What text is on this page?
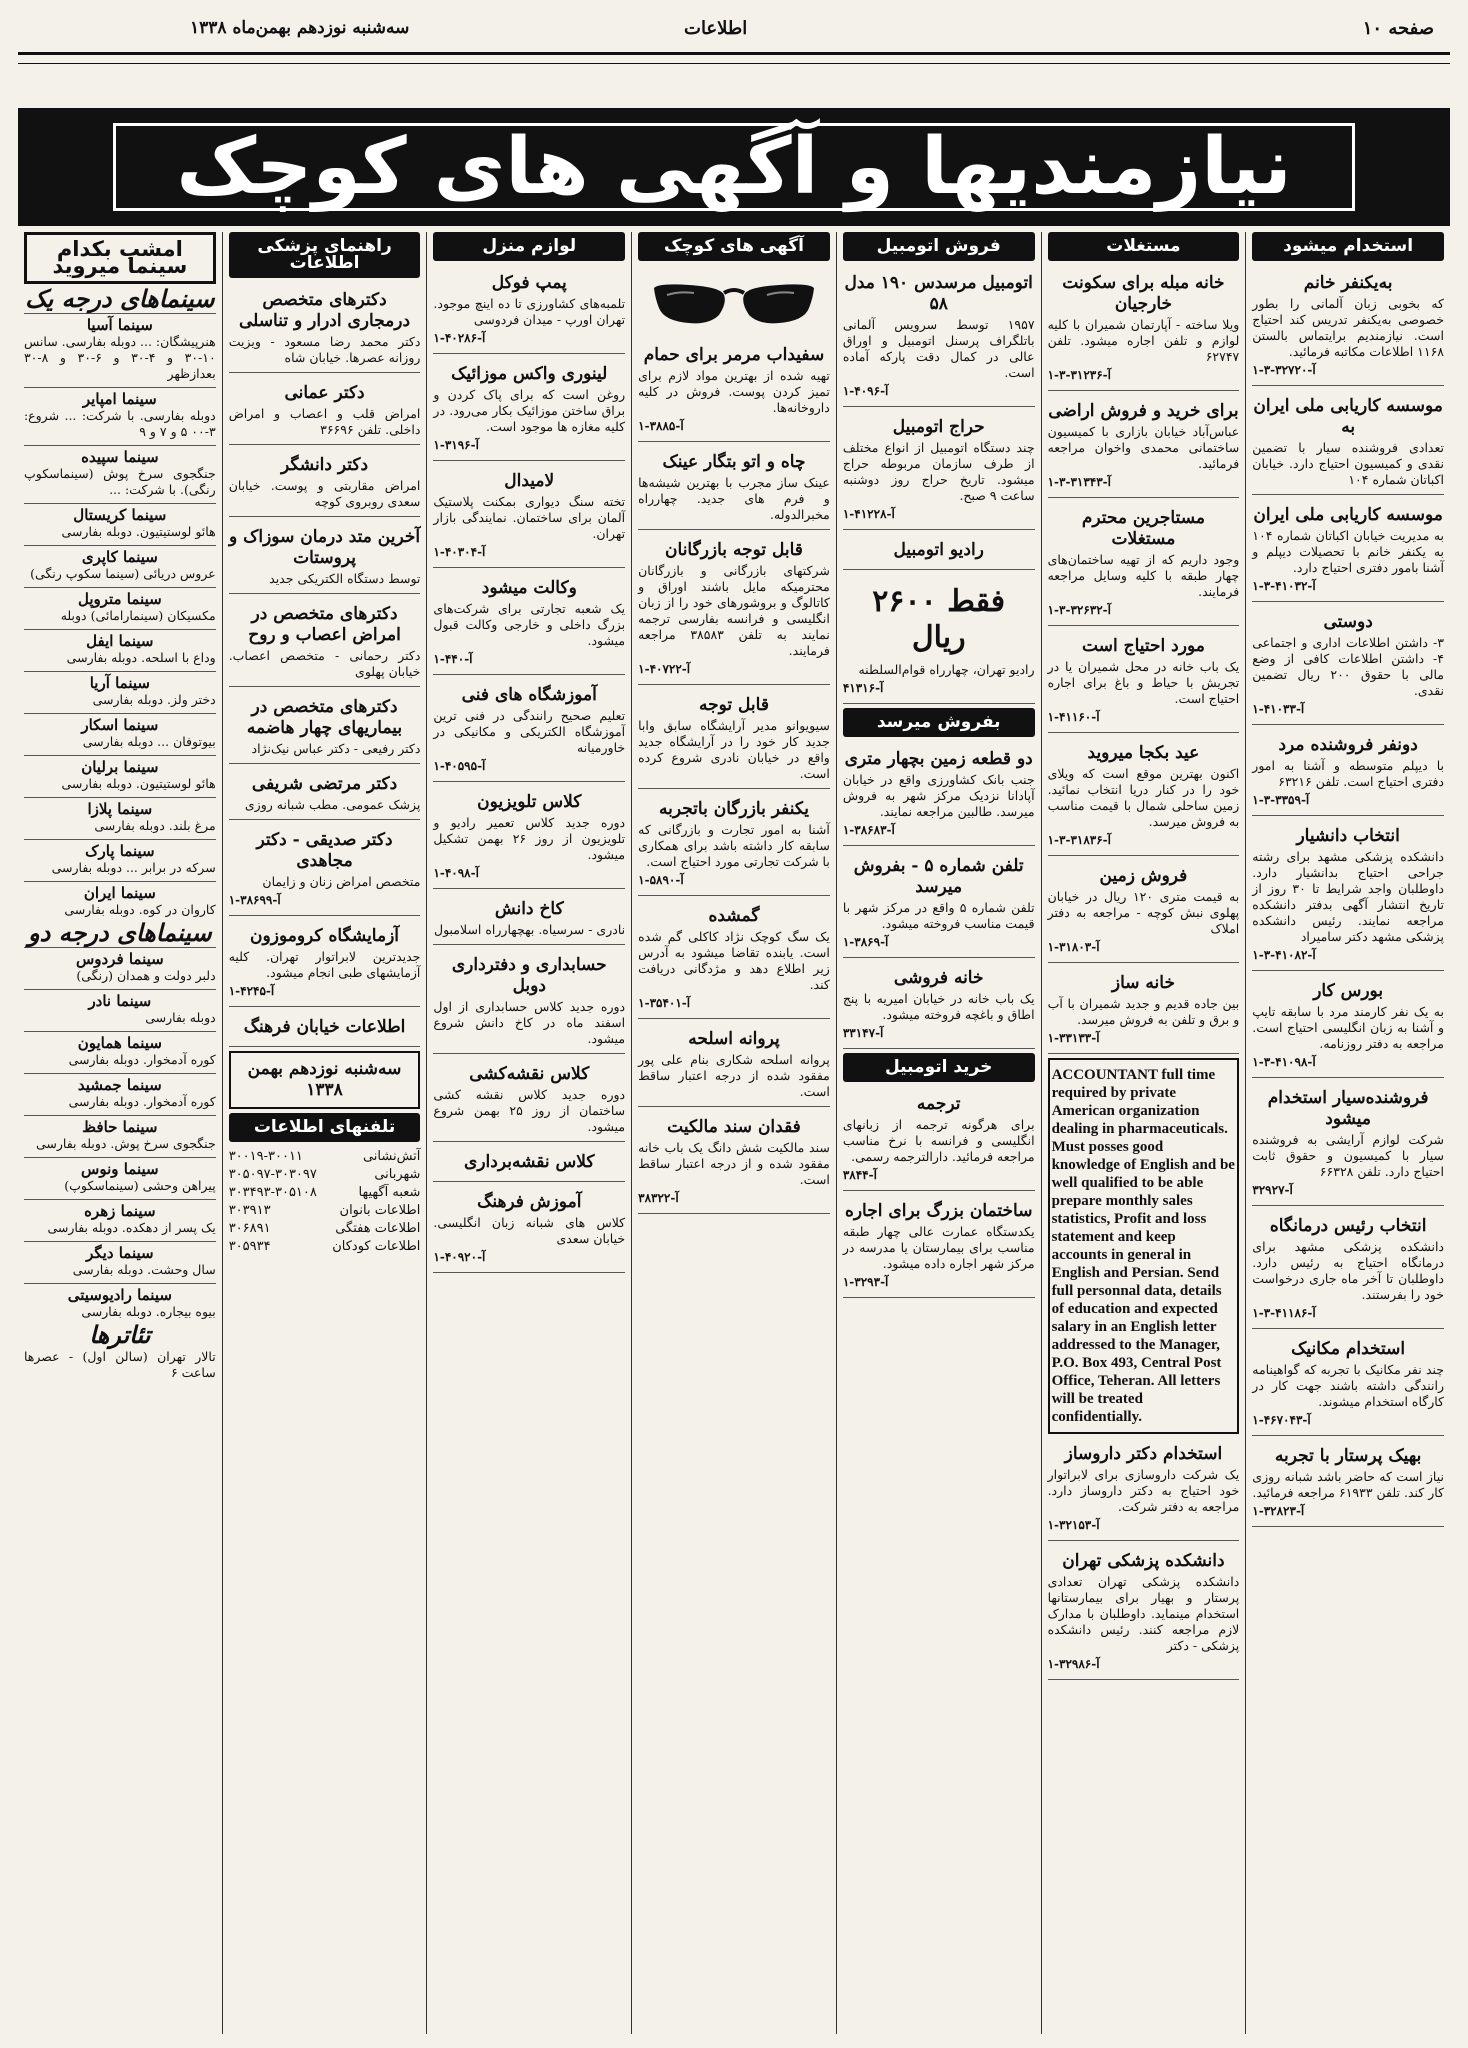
صفحه ۱۰
اطلاعات
سه‌شنبه نوزدهم بهمن‌ماه ۱۳۳۸
نیازمندیها و آگهی های کوچک
استخدام میشود
به‌یکنفر خانم
که بخوبی زبان آلمانی را بطور خصوصی به‌یکنفر تدریس کند احتیاج است. نیازمندیم برایتماس بالستن ۱۱۶۸ اطلاعات مکاتبه فرمائید.
آ-۳۲۷۲۰-۳-۱
موسسه کاریابی ملی ایران به
تعدادی فروشنده سیار با تضمین نقدی و کمیسیون احتیاج دارد. خیابان اکباتان شماره ۱۰۴
موسسه کاریابی ملی ایران
به مدیریت خیابان اکباتان شماره ۱۰۴ به یکنفر خانم با تحصیلات دیپلم و آشنا بامور دفتری احتیاج دارد.
آ-۴۱۰۳۲-۳-۱
دوستی
۳- داشتن اطلاعات اداری و اجتماعی ۴- داشتن اطلاعات کافی از وضع مالی با حقوق ۲۰۰ ریال تضمین نقدی.
آ-۴۱۰۳۳-۱
دونفر فروشنده مرد
با دیپلم متوسطه و آشنا به امور دفتری احتیاج است. تلفن ۶۳۲۱۶
آ-۳۳۵۹-۳-۱
انتخاب دانشیار
دانشکده پزشکی مشهد برای رشته جراحی احتیاج بدانشیار دارد. داوطلبان واجد شرایط تا ۳۰ روز از تاریخ انتشار آگهی بدفتر دانشکده مراجعه نمایند. رئیس دانشکده پزشکی مشهد دکتر سامیراد
آ-۴۱۰۸۲-۳-۱
بورس کار
به یک نفر کارمند مرد با سابقه تایپ و آشنا به زبان انگلیسی احتیاج است. مراجعه به دفتر روزنامه.
آ-۴۱۰۹۸-۳-۱
فروشنده‌سیار استخدام میشود
شرکت لوازم آرایشی به فروشنده سیار با کمیسیون و حقوق ثابت احتیاج دارد. تلفن ۶۶۳۲۸
آ-۳۲۹۲۷
انتخاب رئیس درمانگاه
دانشکده پزشکی مشهد برای درمانگاه احتیاج به رئیس دارد. داوطلبان تا آخر ماه جاری درخواست خود را بفرستند.
آ-۴۱۱۸۶-۳-۱
استخدام مکانیک
چند نفر مکانیک با تجربه که گواهینامه رانندگی داشته باشند جهت کار در کارگاه استخدام میشوند.
آ-۴۶۷۰۴۳-۱
بهیک پرستار با تجربه
نیاز است که حاضر باشد شبانه روزی کار کند. تلفن ۶۱۹۳۳ مراجعه فرمائید.
آ-۳۲۸۲۳-۱
مستغلات
خانه مبله برای سکونت خارجیان
ویلا ساخته - آپارتمان شمیران با کلیه لوازم و تلفن اجاره میشود. تلفن ۶۲۷۴۷
آ-۳۱۲۳۶-۳-۱
برای خرید و فروش اراضی
عباس‌آباد خیابان بازاری با کمیسیون ساختمانی محمدی واخوان مراجعه فرمائید.
آ-۳۱۳۴۳-۳-۱
مستاجرین محترم مستغلات
وجود داریم که از تهیه ساختمان‌های چهار طبقه با کلیه وسایل مراجعه فرمایند.
آ-۳۲۶۳۲-۳-۱
مورد احتیاج است
یک باب خانه در محل شمیران یا در تجریش با حیاط و باغ برای اجاره احتیاج است.
آ-۴۱۱۶۰-۱
عید بکجا میروید
اکنون بهترین موقع است که ویلای خود را در کنار دریا انتخاب نمائید. زمین ساحلی شمال با قیمت مناسب به فروش میرسد.
آ-۳۱۸۳۶-۳-۱
فروش زمین
به قیمت متری ۱۲۰ ریال در خیابان پهلوی نبش کوچه - مراجعه به دفتر املاک
آ-۳۱۸۰۳-۱
خانه ساز
بین جاده قدیم و جدید شمیران با آب و برق و تلفن به فروش میرسد.
آ-۳۳۱۳۳-۱
ACCOUNTANT full time required by private American organization dealing in pharmaceuticals. Must posses good knowledge of English and be well qualified to be able prepare monthly sales statistics, Profit and loss statement and keep accounts in general in English and Persian. Send full personnal data, details of education and expected salary in an English letter addressed to the Manager, P.O. Box 493, Central Post Office, Teheran. All letters will be treated confidentially.
استخدام دکتر داروساز
یک شرکت داروسازی برای لابراتوار خود احتیاج به دکتر داروساز دارد. مراجعه به دفتر شرکت.
آ-۳۲۱۵۳-۱
دانشکده پزشکی تهران
دانشکده پزشکی تهران تعدادی پرستار و بهیار برای بیمارستانها استخدام مینماید. داوطلبان با مدارک لازم مراجعه کنند. رئیس دانشکده پزشکی - دکتر
آ-۳۲۹۸۶-۱
فروش اتومبیل
اتومبیل مرسدس ۱۹۰ مدل ۵۸
۱۹۵۷ توسط سرویس آلمانی باتلگراف پرسنل اتومبیل و اوراق عالی در کمال دقت پارکه آماده است.
آ-۴۰۹۶-۱
حراج اتومبیل
چند دستگاه اتومبیل از انواع مختلف از طرف سازمان مربوطه حراج میشود. تاریخ حراج روز دوشنبه ساعت ۹ صبح.
آ-۴۱۲۲۸-۱
رادیو اتومبیل
فقط ۲۶۰۰ ریال
رادیو تهران، چهارراه قوام‌السلطنه
آ-۴۱۳۱۶
بفروش میرسد
دو قطعه زمین بچهار متری
جنب بانک کشاورزی واقع در خیابان آپادانا نزدیک مرکز شهر به فروش میرسد. طالبین مراجعه نمایند.
آ-۳۸۶۸۳-۱
تلفن شماره ۵ - بفروش میرسد
تلفن شماره ۵ واقع در مرکز شهر با قیمت مناسب فروخته میشود.
آ-۳۸۶۹-۱
خانه فروشی
یک باب خانه در خیابان امیریه با پنج اطاق و باغچه فروخته میشود.
آ-۳۳۱۴۷
خرید اتومبیل
ترجمه
برای هرگونه ترجمه از زبانهای انگلیسی و فرانسه با نرخ مناسب مراجعه فرمائید. دارالترجمه رسمی.
آ-۳۸۴۴
ساختمان بزرگ برای اجاره
یکدستگاه عمارت عالی چهار طبقه مناسب برای بیمارستان یا مدرسه در مرکز شهر اجاره داده میشود.
آ-۳۲۹۳-۱
آگهی های کوچک
سفیداب مرمر برای حمام
تهیه شده از بهترین مواد لازم برای تمیز کردن پوست. فروش در کلیه داروخانه‌ها.
آ-۳۸۸۵-۱
چاه و اتو بتگار عینک
عینک ساز مجرب با بهترین شیشه‌ها و فرم های جدید. چهارراه مخبرالدوله.
قابل توجه بازرگانان
شرکتهای بازرگانی و بازرگانان محترمیکه مایل باشند اوراق و کاتالوگ و بروشورهای خود را از زبان انگلیسی و فرانسه بفارسی ترجمه نمایند به تلفن ۳۸۵۸۳ مراجعه فرمایند.
آ-۴۰۷۲۲-۱
قابل توجه
سیویوانو مدیر آرایشگاه سابق وابا جدید کار خود را در آرایشگاه جدید واقع در خیابان نادری شروع کرده است.
یکنفر بازرگان باتجربه
آشنا به امور تجارت و بازرگانی که سابقه کار داشته باشد برای همکاری با شرکت تجارتی مورد احتیاج است.
آ-۵۸۹۰-۱
گمشده
یک سگ کوچک نژاد کاکلی گم شده است. یابنده تقاضا میشود به آدرس زیر اطلاع دهد و مژدگانی دریافت کند.
آ-۳۵۴۰۱-۱
پروانه اسلحه
پروانه اسلحه شکاری بنام علی پور مفقود شده از درجه اعتبار ساقط است.
فقدان سند مالکیت
سند مالکیت شش دانگ یک باب خانه مفقود شده و از درجه اعتبار ساقط است.
آ-۳۸۳۲۲
لوازم منزل
پمپ فوکل
تلمبه‌های کشاورزی تا ده اینچ موجود. تهران اورپ - میدان فردوسی
آ-۴۰۲۸۶-۱
لینوری واکس موزائیک
روغن است که برای پاک کردن و براق ساختن موزائیک بکار می‌رود. در کلیه مغازه ها موجود است.
آ-۳۱۹۶-۱
لامیدال
تخته سنگ دیواری بمکنت پلاستیک آلمان برای ساختمان. نمایندگی بازار تهران.
آ-۴۰۳۰۴-۱
وکالت میشود
یک شعبه تجارتی برای شرکت‌های بزرگ داخلی و خارجی وکالت قبول میشود.
آ-۴۴۰-۱
آموزشگاه های فنی
تعلیم صحیح رانندگی در فنی ترین آموزشگاه الکتریکی و مکانیکی در خاورمیانه
آ-۴۰۵۹۵-۱
کلاس تلویزیون
دوره جدید کلاس تعمیر رادیو و تلویزیون از روز ۲۶ بهمن تشکیل میشود.
آ-۴۰۹۸-۱
کاخ دانش
نادری - سرسیاه. بهچهارراه اسلامبول
حسابداری و دفترداری دوبل
دوره جدید کلاس حسابداری از اول اسفند ماه در کاخ دانش شروع میشود.
کلاس نقشه‌کشی
دوره جدید کلاس نقشه کشی ساختمان از روز ۲۵ بهمن شروع میشود.
کلاس نقشه‌برداری
آموزش فرهنگ
کلاس های شبانه زبان انگلیسی. خیابان سعدی
آ-۴۰۹۲۰-۱
راهنمای پزشکی اطلاعات
دکترهای متخصص درمجاری ادرار و تناسلی
دکتر محمد رضا مسعود - ویزیت روزانه عصرها. خیابان شاه
دکتر عمانی
امراض قلب و اعصاب و امراض داخلی. تلفن ۳۶۶۹۶
دکتر دانشگر
امراض مقاربتی و پوست. خیابان سعدی روبروی کوچه
آخرین متد درمان سوزاک و پروستات
توسط دستگاه الکتریکی جدید
دکترهای متخصص در امراض اعصاب و روح
دکتر رحمانی - متخصص اعصاب. خیابان پهلوی
دکترهای متخصص در بیماریهای چهار هاضمه
دکتر رفیعی - دکتر عباس نیک‌نژاد
دکتر مرتضی شریفی
پزشک عمومی. مطب شبانه روزی
دکتر صدیقی - دکتر مجاهدی
متخصص امراض زنان و زایمان
آ-۳۸۶۹۹-۱
آزمایشگاه کروموزون
جدیدترین لابراتوار تهران. کلیه آزمایشهای طبی انجام میشود.
آ-۴۲۴۵-۱
اطلاعات خیابان فرهنگ
سه‌شنبه نوزدهم بهمن ۱۳۳۸
تلفنهای اطلاعات
آتش‌نشانی
۳۰۰۱۹-۳۰۰۱۱
شهربانی
۳۰۵۰۹۷-۳۰۳۰۹۷
شعبه آگهیها
۳۰۳۴۹۳-۳۰۵۱۰۸
اطلاعات بانوان
۳۰۳۹۱۳
اطلاعات هفتگی
۳۰۶۸۹۱
اطلاعات کودکان
۳۰۵۹۳۴
امشب بکدام سینما میروید
سینماهای درجه یک
سینما آسیا
هنرپیشگان: ... دوبله بفارسی. سانس ۱۰-۳۰ و ۴-۳۰ و ۶-۳۰ و ۸-۳۰ بعدازظهر
سینما امپایر
دوبله بفارسی. با شرکت: ... شروع: ۳-۰۰ ۵ و ۷ و ۹
سینما سپیده
جنگجوی سرخ پوش (سینماسکوپ رنگی). با شرکت: ...
سینما کریستال
هائو لوستیتیون. دوبله بفارسی
سینما کاپری
عروس دریائی (سینما سکوپ رنگی)
سینما متروپل
مکسیکان (سینمارامائی) دوبله
سینما ایفل
وداع با اسلحه. دوبله بفارسی
سینما آریا
دختر ولز. دوبله بفارسی
سینما اسکار
بیوتوفان ... دوبله بفارسی
سینما برلیان
هائو لوستیتیون. دوبله بفارسی
سینما پلازا
مرغ بلند. دوبله بفارسی
سینما پارک
سرکه در برابر ... دوبله بفارسی
سینما ایران
کاروان در کوه. دوبله بفارسی
سینماهای درجه دو
سینما فردوس
دلبر دولت و همدان (رنگی)
سینما نادر
دوبله بفارسی
سینما همایون
کوره آدمخوار. دوبله بفارسی
سینما جمشید
کوره آدمخوار. دوبله بفارسی
سینما حافظ
جنگجوی سرخ پوش. دوبله بفارسی
سینما ونوس
پیراهن وحشی (سینماسکوپ)
سینما زهره
یک پسر از دهکده. دوبله بفارسی
سینما دیگر
سال وحشت. دوبله بفارسی
سینما رادیوسیتی
بیوه بیجاره. دوبله بفارسی
تئاترها
تالار تهران (سالن اول) - عصرها ساعت ۶
